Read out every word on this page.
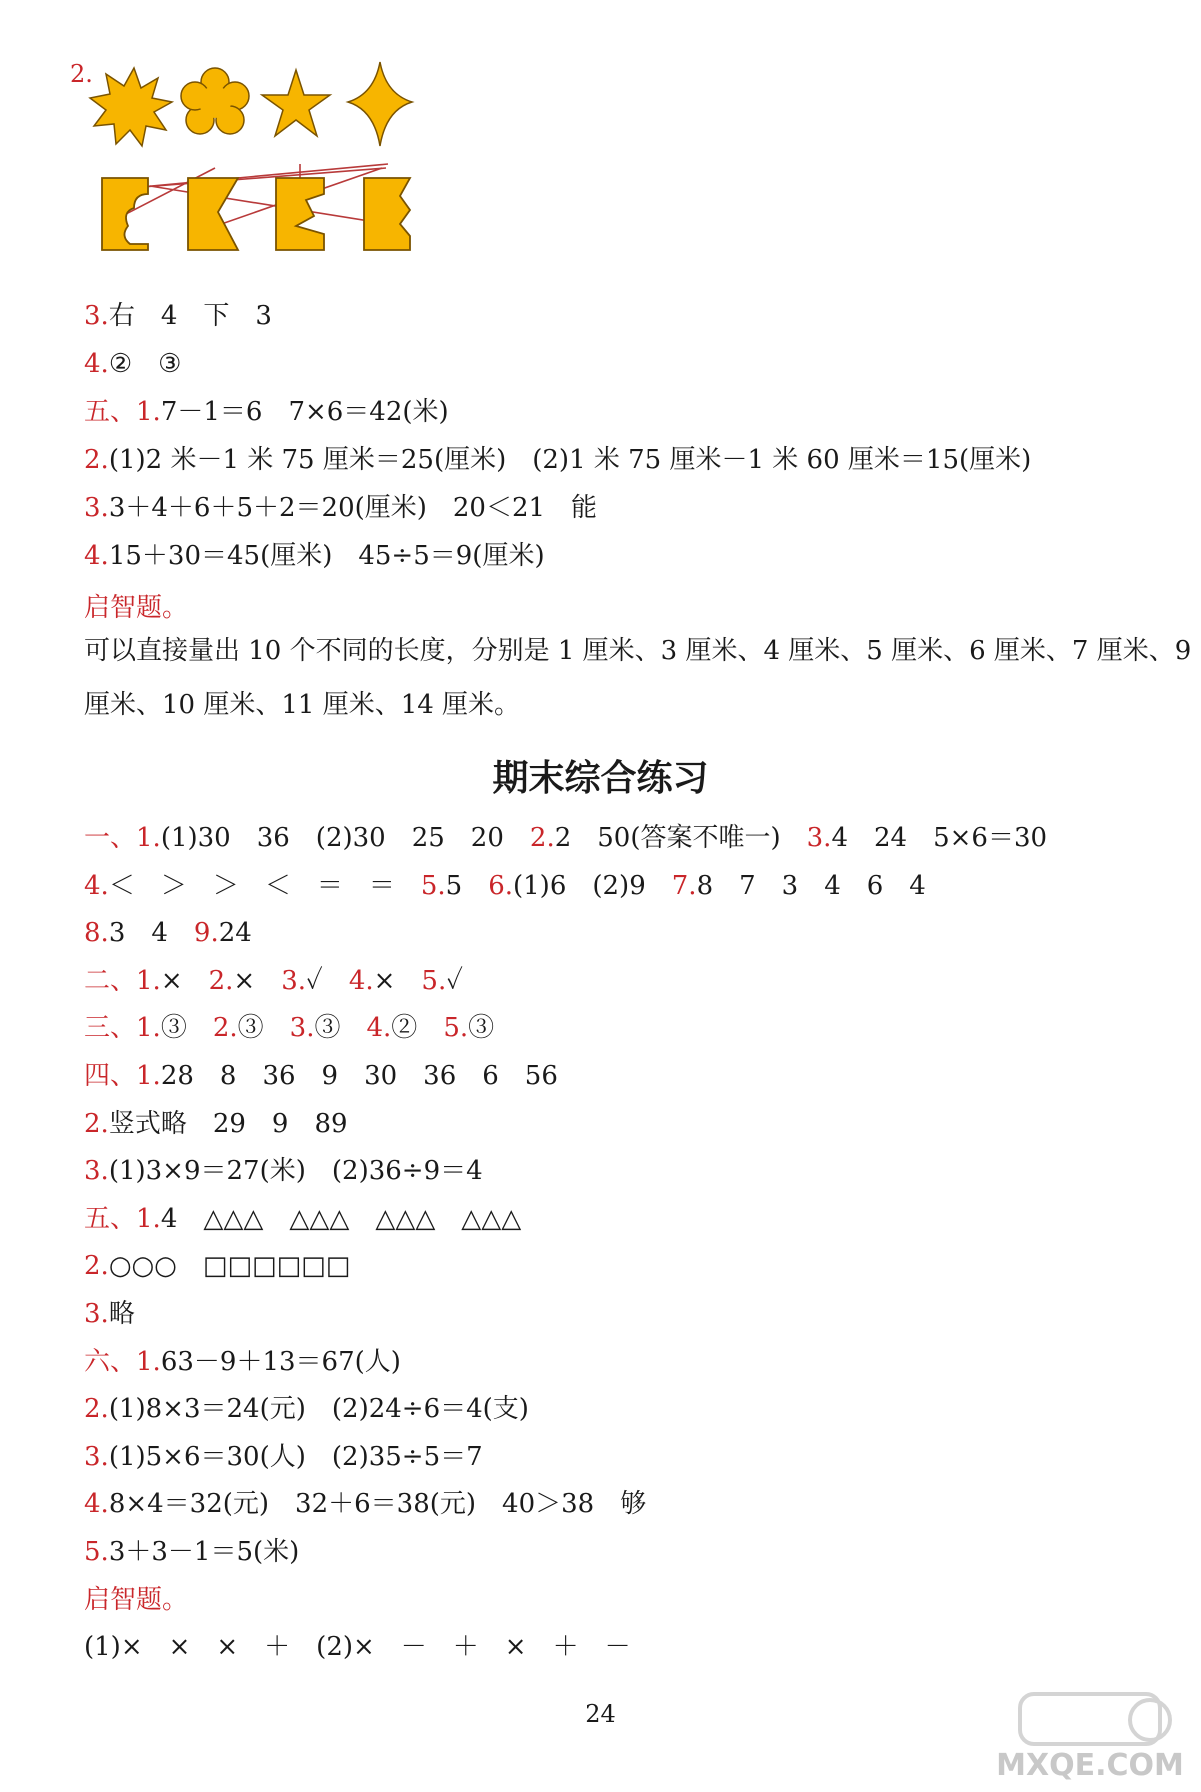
2.
3.右　4　下　3
4.②　③
五、1.7－1＝6　7×6＝42(米)
2.(1)2 米－1 米 75 厘米＝25(厘米)　(2)1 米 75 厘米－1 米 60 厘米＝15(厘米)
3.3＋4＋6＋5＋2＝20(厘米)　20＜21　能
4.15＋30＝45(厘米)　45÷5＝9(厘米)
启智题。
可以直接量出 10 个不同的长度，分别是 1 厘米、3 厘米、4 厘米、5 厘米、6 厘米、7 厘米、9 厘米、10 厘米、11 厘米、14 厘米。
期末综合练习
一、1.(1)30　36　(2)30　25　20　2.2　50(答案不唯一)　3.4　24　5×6＝30
4.＜　＞　＞　＜　＝　＝　5.5　6.(1)6　(2)9　7.8　7　3　4　6　4
8.3　4　9.24
二、1.×　2.×　3.✓　4.×　5.✓
三、1.③　2.③　3.③　4.②　5.③
四、1.28　8　36　9　30　36　6　56
2.竖式略　29　9　89
3.(1)3×9＝27(米)　(2)36÷9＝4
五、1.4　△△△　△△△　△△△　△△△
2.○○○　□□□□□□
3.略
六、1.63－9＋13＝67(人)
2.(1)8×3＝24(元)　(2)24÷6＝4(支)
3.(1)5×6＝30(人)　(2)35÷5＝7
4.8×4＝32(元)　32＋6＝38(元)　40＞38　够
5.3＋3－1＝5(米)
启智题。
(1)×　×　×　＋　(2)×　－　＋　×　＋　－
24
MXQE.COM
